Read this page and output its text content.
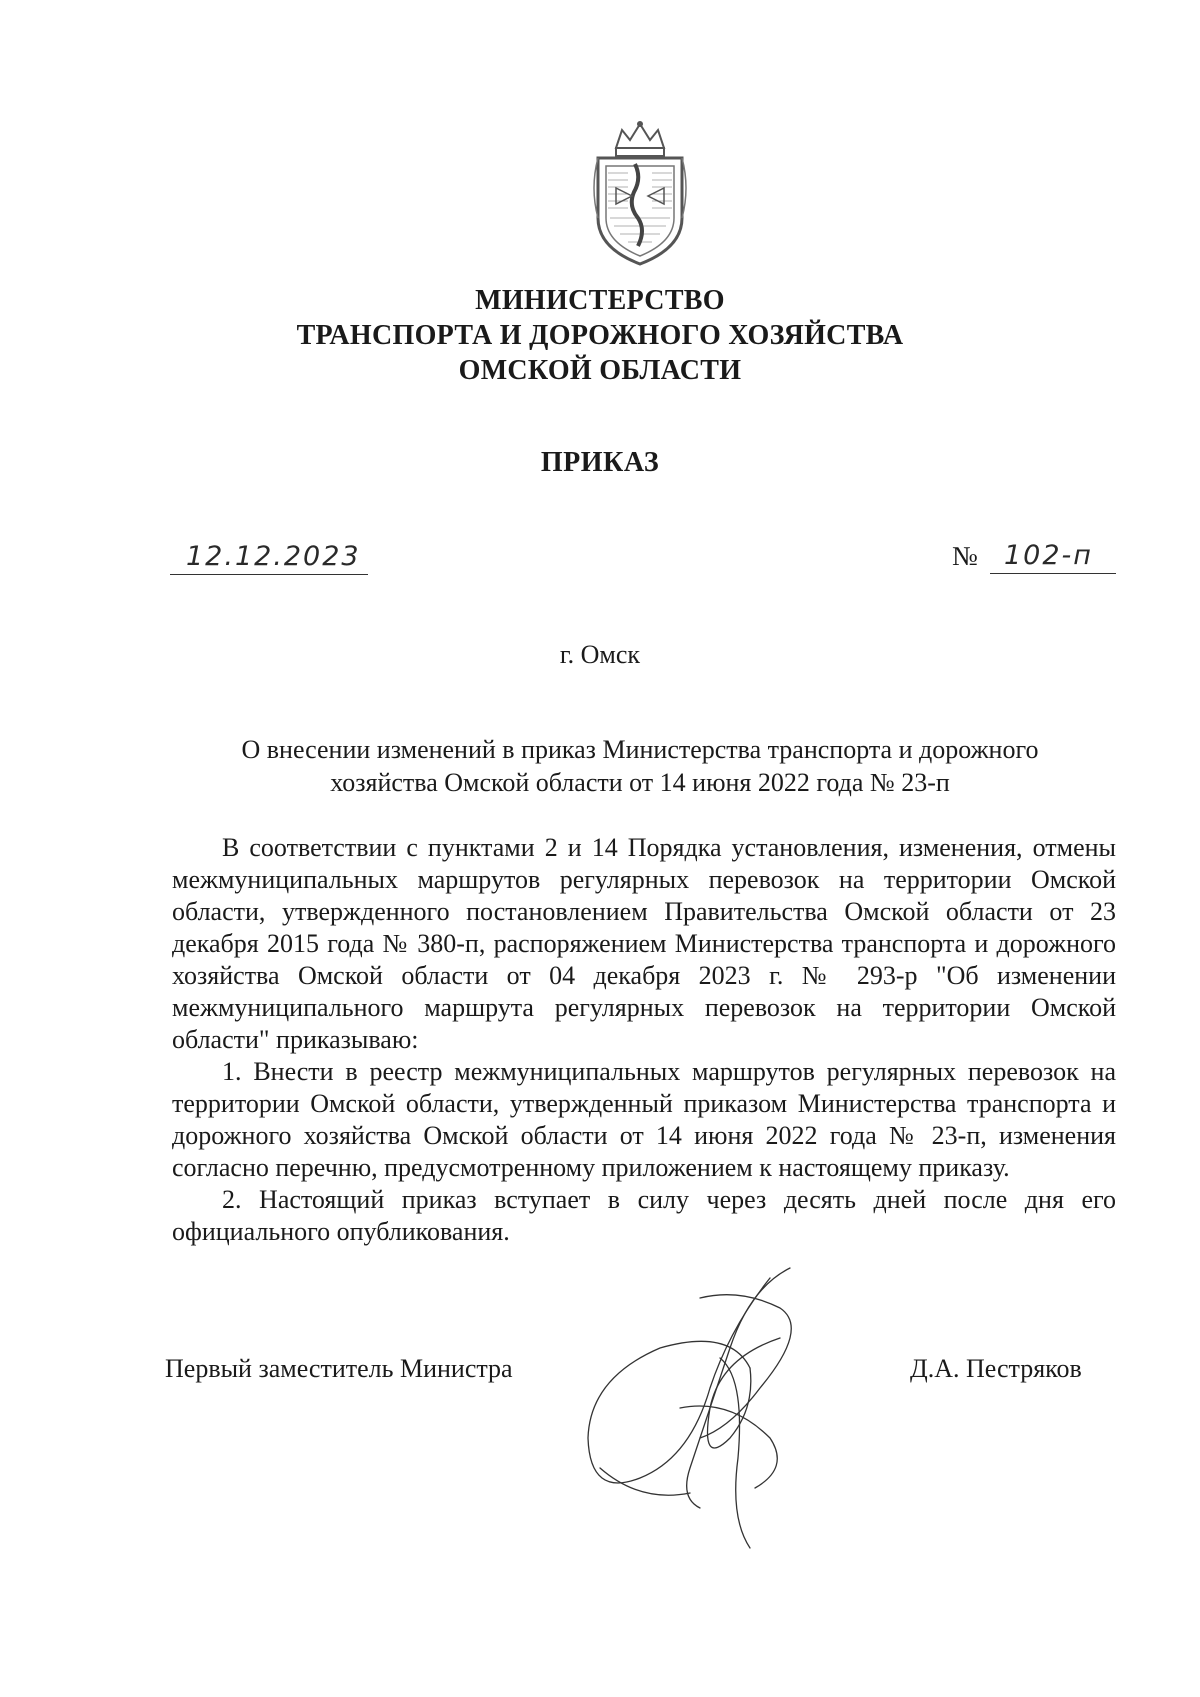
МИНИСТЕРСТВО
ТРАНСПОРТА И ДОРОЖНОГО ХОЗЯЙСТВА
ОМСКОЙ ОБЛАСТИ
ПРИКАЗ
12.12.2023	№ 102-п
г. Омск
О внесении изменений в приказ Министерства транспорта и дорожного
хозяйства Омской области от 14 июня 2022 года № 23-п

В соответствии с пунктами 2 и 14 Порядка установления, изменения, отмены межмуниципальных маршрутов регулярных перевозок на территории Омской области, утвержденного постановлением Правительства Омской области от 23 декабря 2015 года № 380-п, распоряжением Министерства транспорта и дорожного хозяйства Омской области от 04 декабря 2023 г. № 293-р "Об изменении межмуниципального маршрута регулярных перевозок на территории Омской области" приказываю:

1. Внести в реестр межмуниципальных маршрутов регулярных перевозок на территории Омской области, утвержденный приказом Министерства транспорта и дорожного хозяйства Омской области от 14 июня 2022 года № 23-п, изменения согласно перечню, предусмотренному приложением к настоящему приказу.

2. Настоящий приказ вступает в силу через десять дней после дня его официального опубликования.

Первый заместитель Министра	Д.А. Пестряков
